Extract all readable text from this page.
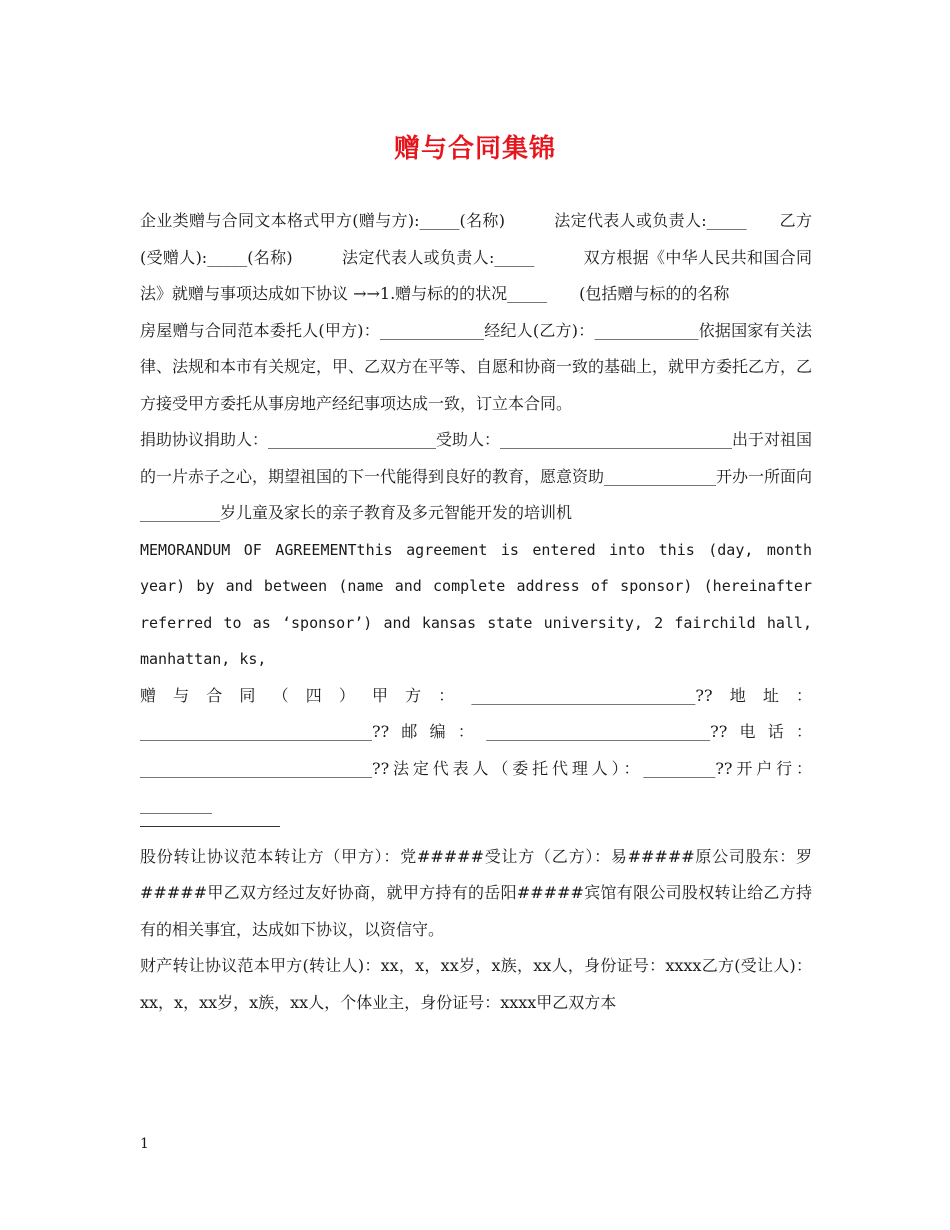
赠与合同集锦

企业类赠与合同文本格式甲方(赠与方):_____(名称)　　　法定代表人或负责人:_____　　乙方(受赠人):_____(名称)　　　法定代表人或负责人:_____　　　双方根据《中华人民共和国合同法》就赠与事项达成如下协议 →→1.赠与标的的状况_____　　(包括赠与标的的名称

房屋赠与合同范本委托人(甲方)：_____________经纪人(乙方)：_____________依据国家有关法律、法规和本市有关规定，甲、乙双方在平等、自愿和协商一致的基础上，就甲方委托乙方，乙方接受甲方委托从事房地产经纪事项达成一致，订立本合同。

捐助协议捐助人：_____________________受助人：_____________________________出于对祖国的一片赤子之心，期望祖国的下一代能得到良好的教育，愿意资助______________开办一所面向__________岁儿童及家长的亲子教育及多元智能开发的培训机

MEMORANDUM OF AGREEMENTthis agreement is entered into this (day, month year) by and between (name and complete address of sponsor) (hereinafter referred to as ‘sponsor’) and kansas state university, 2 fairchild hall, manhattan, ks,

赠与合同（四）甲方：____________________________??地址：_____________________________??邮编：____________________________??电话：_____________________________??法定代表人（委托代理人）：_________??开户行：_________

股份转让协议范本转让方（甲方）：党#####受让方（乙方）：易#####原公司股东：罗#####甲乙双方经过友好协商，就甲方持有的岳阳#####宾馆有限公司股权转让给乙方持有的相关事宜，达成如下协议，以资信守。

财产转让协议范本甲方(转让人)：xx，x，xx岁，x族，xx人，身份证号：xxxx乙方(受让人)：xx，x，xx岁，x族，xx人，个体业主，身份证号：xxxx甲乙双方本

1
